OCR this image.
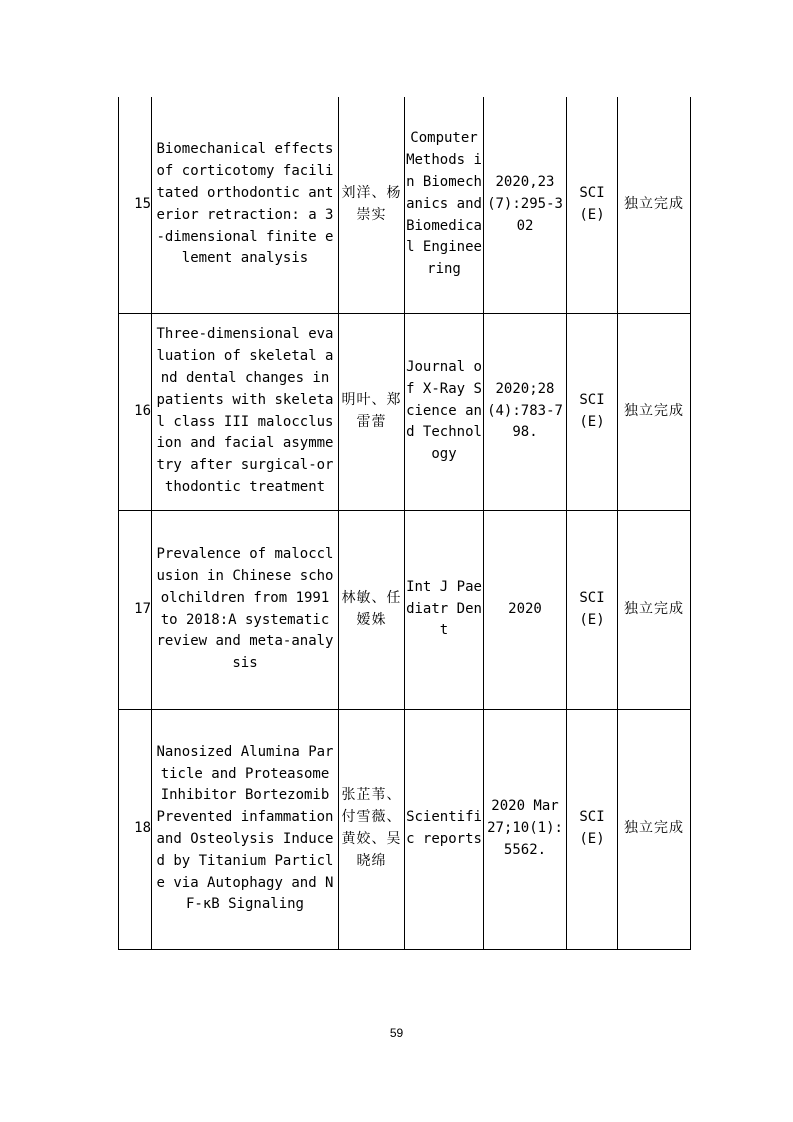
15	Biomechanical effects of corticotomy facilitated orthodontic anterior retraction: a 3-dimensional finite element analysis	刘洋、杨崇实	Computer Methods in Biomechanics and Biomedical Engineering	2020,23(7):295-302	SCI(E)	独立完成
16	Three-dimensional evaluation of skeletal and dental changes in patients with skeletal class III malocclusion and facial asymmetry after surgical-orthodontic treatment	明叶、郑雷蕾	Journal of X-Ray Science and Technology	2020;28(4):783-798.	SCI(E)	独立完成
17	Prevalence of malocclusion in Chinese schoolchildren from 1991 to 2018:A systematic review and meta‐analysis	林敏、任嫒姝	Int J Paediatr Dent	2020	SCI(E)	独立完成
18	Nanosized Alumina Particle and Proteasome Inhibitor Bortezomib Prevented infammation and Osteolysis Induced by Titanium Particle via Autophagy and NF-κB Signaling	张芷苇、付雪薇、黄姣、吴晓绵	Scientific reports	2020 Mar 27;10(1):5562.	SCI(E)	独立完成
59
